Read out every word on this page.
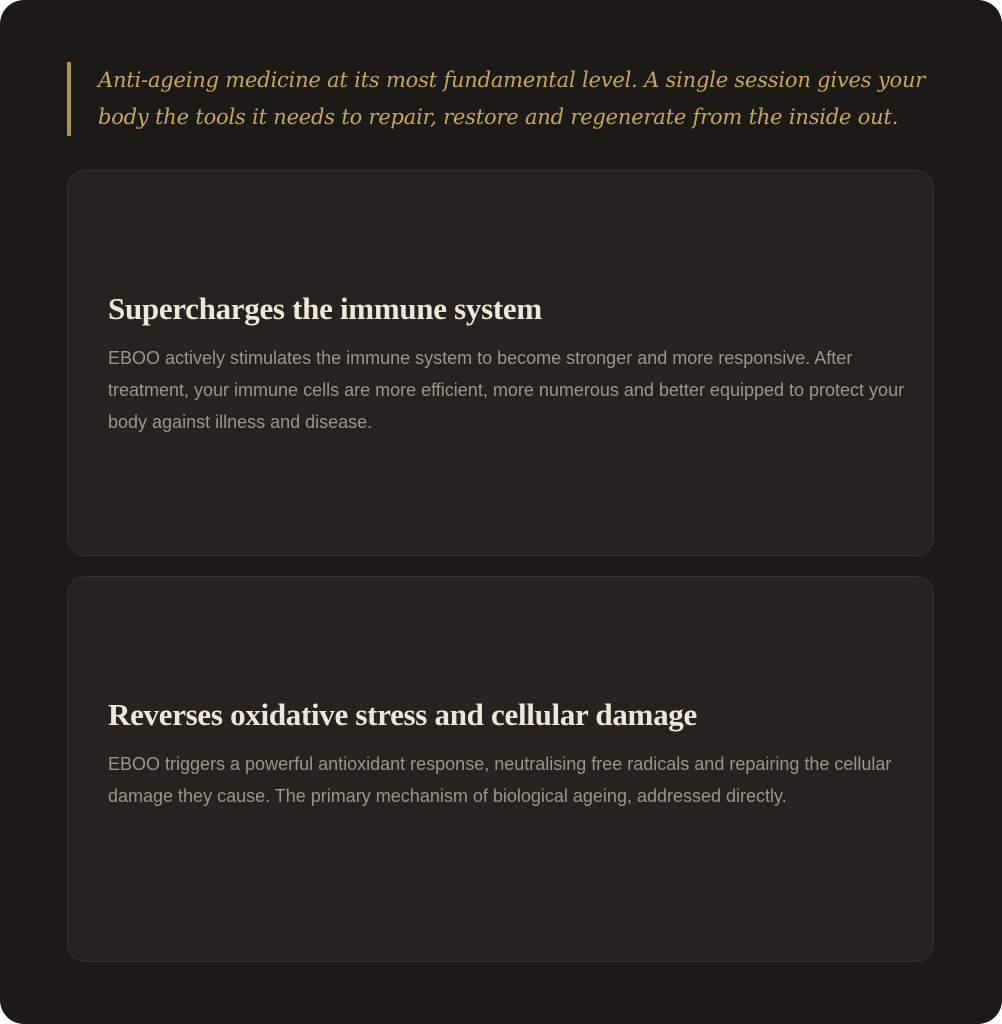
Anti-ageing medicine at its most fundamental level. A single session gives your body the tools it needs to repair, restore and regenerate from the inside out.
Supercharges the immune system

EBOO actively stimulates the immune system to become stronger and more responsive. After treatment, your immune cells are more efficient, more numerous and better equipped to protect your body against illness and disease.

Reverses oxidative stress and cellular damage

EBOO triggers a powerful antioxidant response, neutralising free radicals and repairing the cellular damage they cause. The primary mechanism of biological ageing, addressed directly.
